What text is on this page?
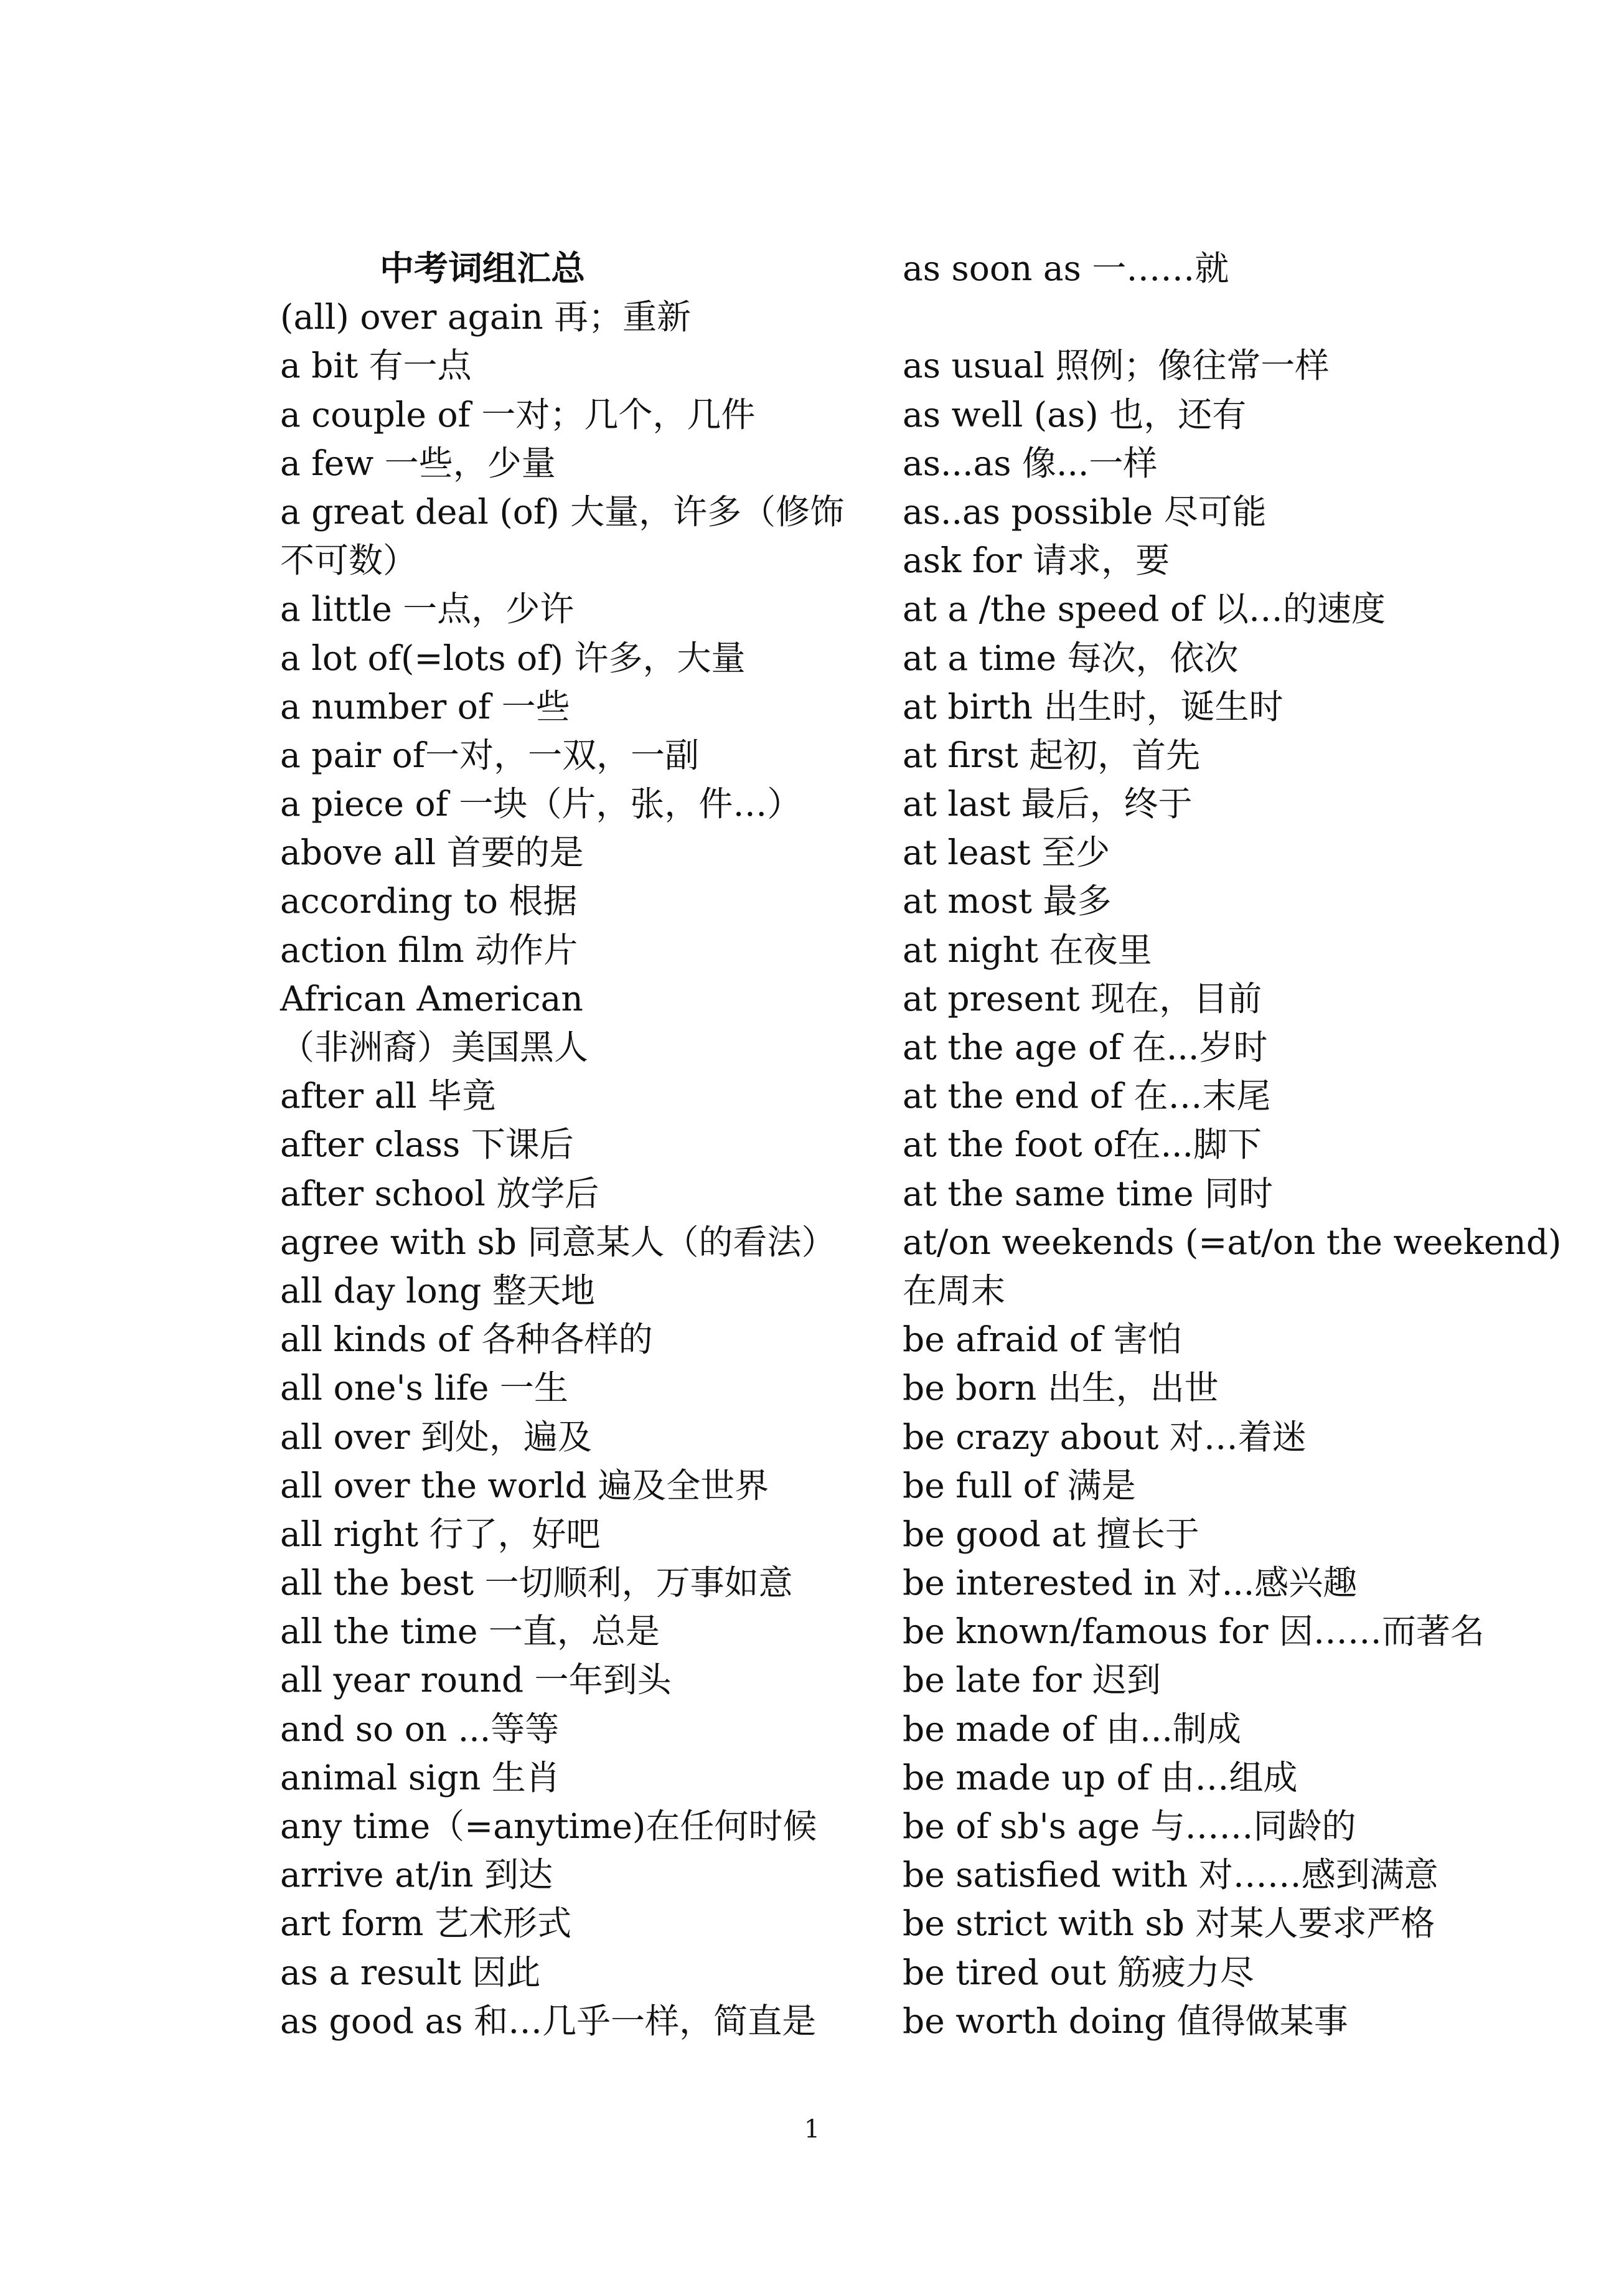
中考词组汇总
(all) over again 再；重新
a bit 有一点
a couple of 一对；几个，几件
a few 一些，少量
a great deal (of) 大量，许多（修饰
不可数）
a little 一点，少许
a lot of(=lots of) 许多，大量
a number of 一些
a pair of一对，一双，一副
a piece of 一块（片，张，件…）
above all 首要的是
according to 根据
action film 动作片
African American
（非洲裔）美国黑人
after all 毕竟
after class 下课后
after school 放学后
agree with sb 同意某人（的看法）
all day long 整天地
all kinds of 各种各样的
all one's life 一生
all over 到处，遍及
all over the world 遍及全世界
all right 行了，好吧
all the best 一切顺利，万事如意
all the time 一直，总是
all year round 一年到头
and so on ...等等
animal sign 生肖
any time（=anytime)在任何时候
arrive at/in 到达
art form 艺术形式
as a result 因此
as good as 和…几乎一样，简直是
as soon as 一……就
as usual 照例；像往常一样
as well (as) 也，还有
as...as 像...一样
as..as possible 尽可能
ask for 请求，要
at a /the speed of 以…的速度
at a time 每次，依次
at birth 出生时，诞生时
at first 起初，首先
at last 最后，终于
at least 至少
at most 最多
at night 在夜里
at present 现在，目前
at the age of 在...岁时
at the end of 在…末尾
at the foot of在...脚下
at the same time 同时
at/on weekends (=at/on the weekend)
在周末
be afraid of 害怕
be born 出生，出世
be crazy about 对…着迷
be full of 满是
be good at 擅长于
be interested in 对...感兴趣
be known/famous for 因……而著名
be late for 迟到
be made of 由...制成
be made up of 由…组成
be of sb's age 与……同龄的
be satisfied with 对……感到满意
be strict with sb 对某人要求严格
be tired out 筋疲力尽
be worth doing 值得做某事
1
